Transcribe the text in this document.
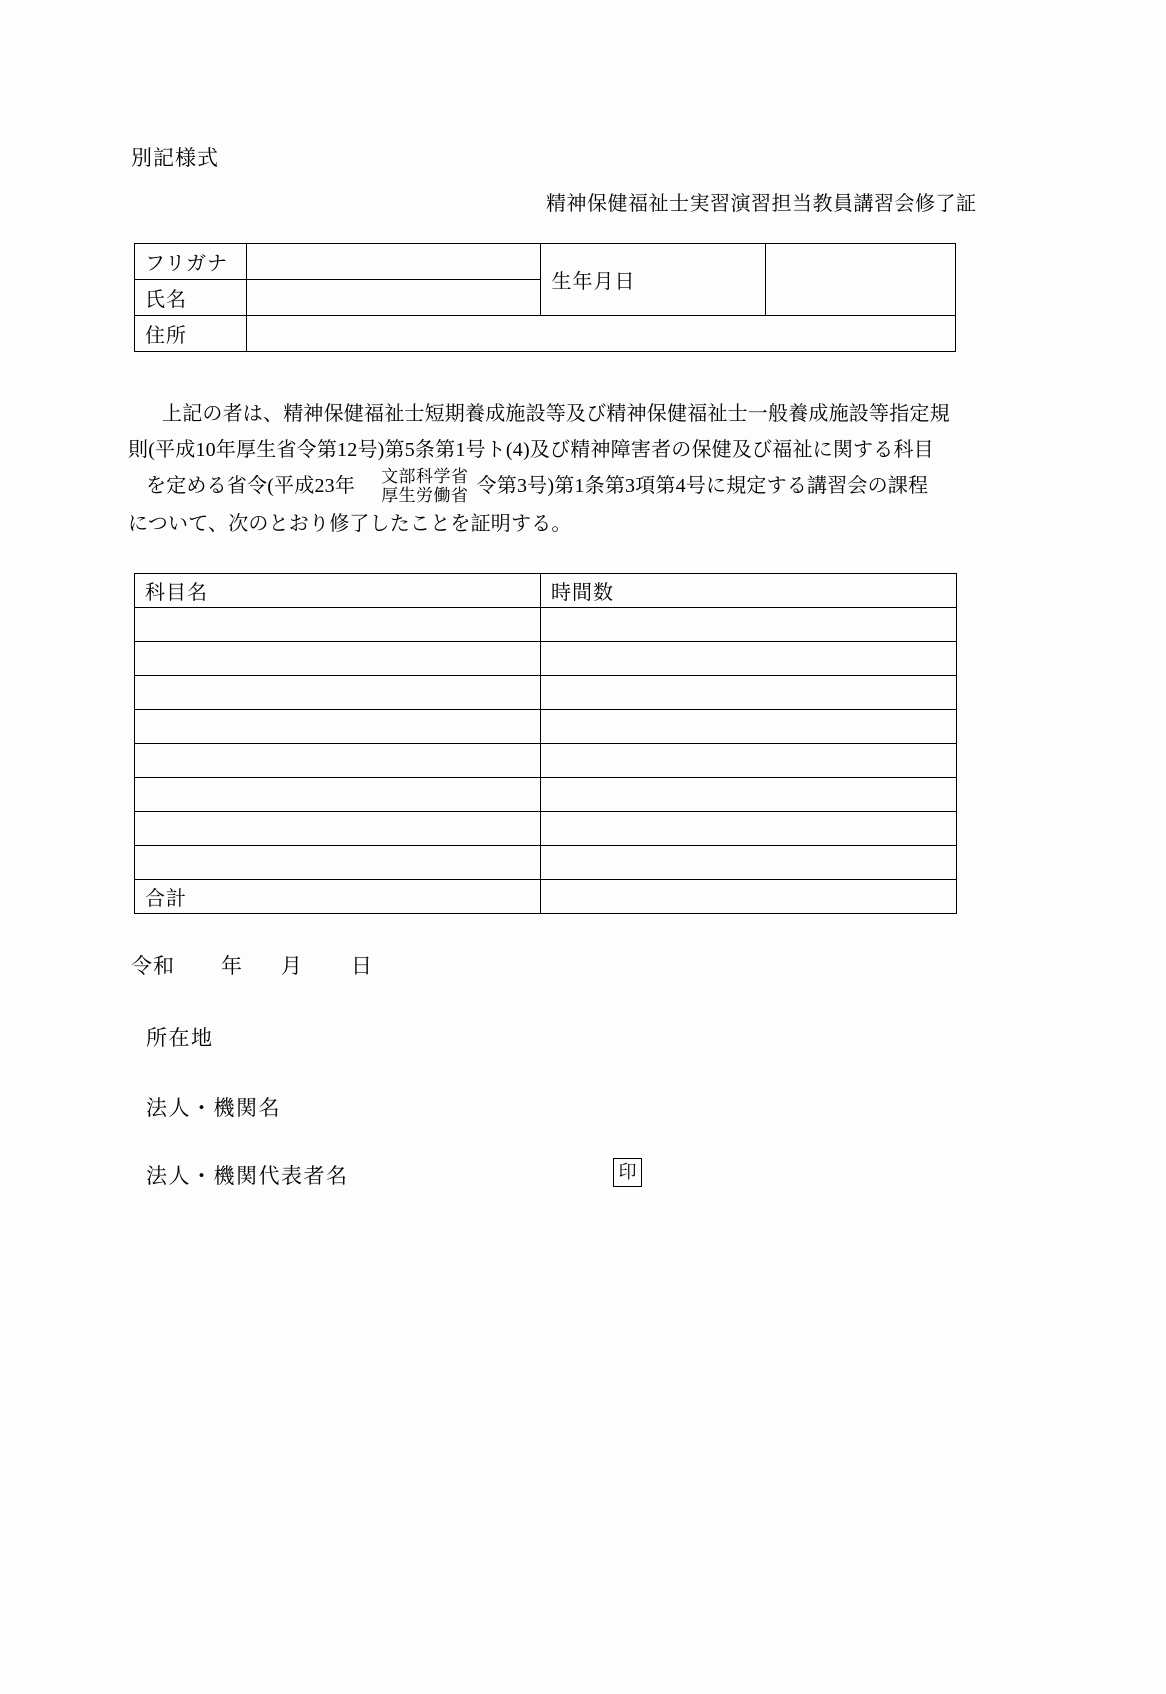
別記様式
精神保健福祉士実習演習担当教員講習会修了証
フリガナ		生年月日	
氏名			
住所			
上記の者は、精神保健福祉士短期養成施設等及び精神保健福祉士一般養成施設等指定規
則(平成10年厚生省令第12号)第5条第1号ト(4)及び精神障害者の保健及び福祉に関する科目
を定める省令(平成23年	文部科学省
厚生労働省 令第3号)第1条第3項第4号に規定する講習会の課程
について、次のとおり修了したことを証明する。
科目名	時間数

合計	
令和 年 月 日
所在地
法人・機関名
法人・機関代表者名	印
